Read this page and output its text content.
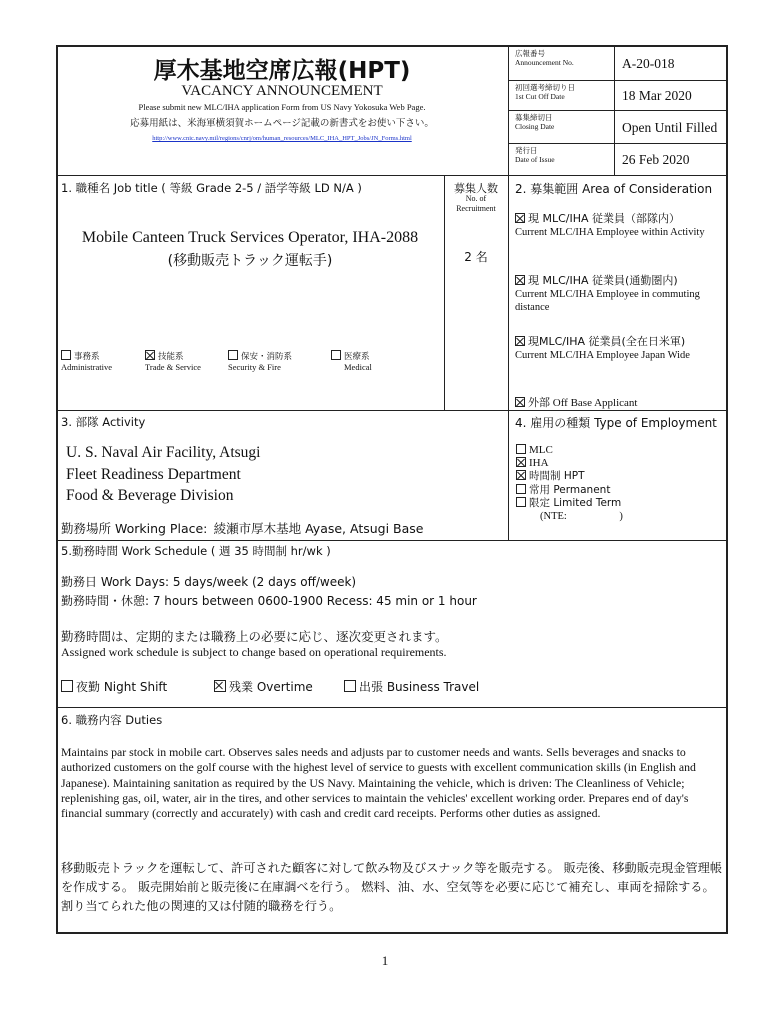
厚木基地空席広報(HPT)
VACANCY ANNOUNCEMENT
Please submit new MLC/IHA application Form from US Navy Yokosuka Web Page.
応募用紙は、米海軍横須賀ホームページ記載の新書式をお使い下さい。
http://www.cnic.navy.mil/regions/cnrj/om/human_resources/MLC_IHA_HPT_Jobs/JN_Forms.html
広報番号
Announcement No.	A-20-018
初回選考締切り日
1st Cut Off Date	18 Mar 2020
募集締切日
Closing Date	Open Until Filled
発行日
Date of Issue	26 Feb 2020
1. 職種名 Job title ( 等級 Grade 2-5 / 語学等級 LD N/A )
Mobile Canteen Truck Services Operator, IHA-2088
(移動販売トラック運転手)
事務系
Administrative
技能系
Trade & Service
保安・消防系
Security & Fire
医療系
Medical
募集人数
No. of Recruitment
2 名
2. 募集範囲 Area of Consideration
現 MLC/IHA 従業員（部隊内）
Current MLC/IHA Employee within Activity
現 MLC/IHA 従業員(通勤圏内)
Current MLC/IHA Employee in commuting distance
現MLC/IHA 従業員(全在日米軍)
Current MLC/IHA Employee Japan Wide
外部 Off Base Applicant
3. 部隊 Activity
U. S. Naval Air Facility, Atsugi
Fleet Readiness Department
Food & Beverage Division
勤務場所 Working Place: 綾瀬市厚木基地 Ayase, Atsugi Base
4. 雇用の種類 Type of Employment
MLC
IHA
時間制 HPT
常用 Permanent
限定 Limited Term
(NTE:                    )
5.勤務時間 Work Schedule ( 週 35 時間制 hr/wk )
勤務日 Work Days: 5 days/week (2 days off/week)
勤務時間・休憩: 7 hours between 0600-1900 Recess: 45 min or 1 hour
勤務時間は、定期的または職務上の必要に応じ、逐次変更されます。
Assigned work schedule is subject to change based on operational requirements.
夜勤 Night Shift	残業 Overtime	出張 Business Travel
6. 職務内容 Duties
Maintains par stock in mobile cart. Observes sales needs and adjusts par to customer needs and wants. Sells beverages and snacks to authorized customers on the golf course with the highest level of service to guests with excellent communication skills (in English and Japanese). Maintaining sanitation as required by the US Navy. Maintaining the vehicle, which is driven: The Cleanliness of Vehicle; replenishing gas, oil, water, air in the tires, and other services to maintain the vehicles' excellent working order. Prepares end of day's financial summary (correctly and accurately) with cash and credit card receipts. Performs other duties as assigned.
移動販売トラックを運転して、許可された顧客に対して飲み物及びスナック等を販売する。 販売後、移動販売現金管理帳を作成する。 販売開始前と販売後に在庫調べを行う。 燃料、油、水、空気等を必要に応じて補充し、車両を掃除する。 割り当てられた他の関連的又は付随的職務を行う。
1
